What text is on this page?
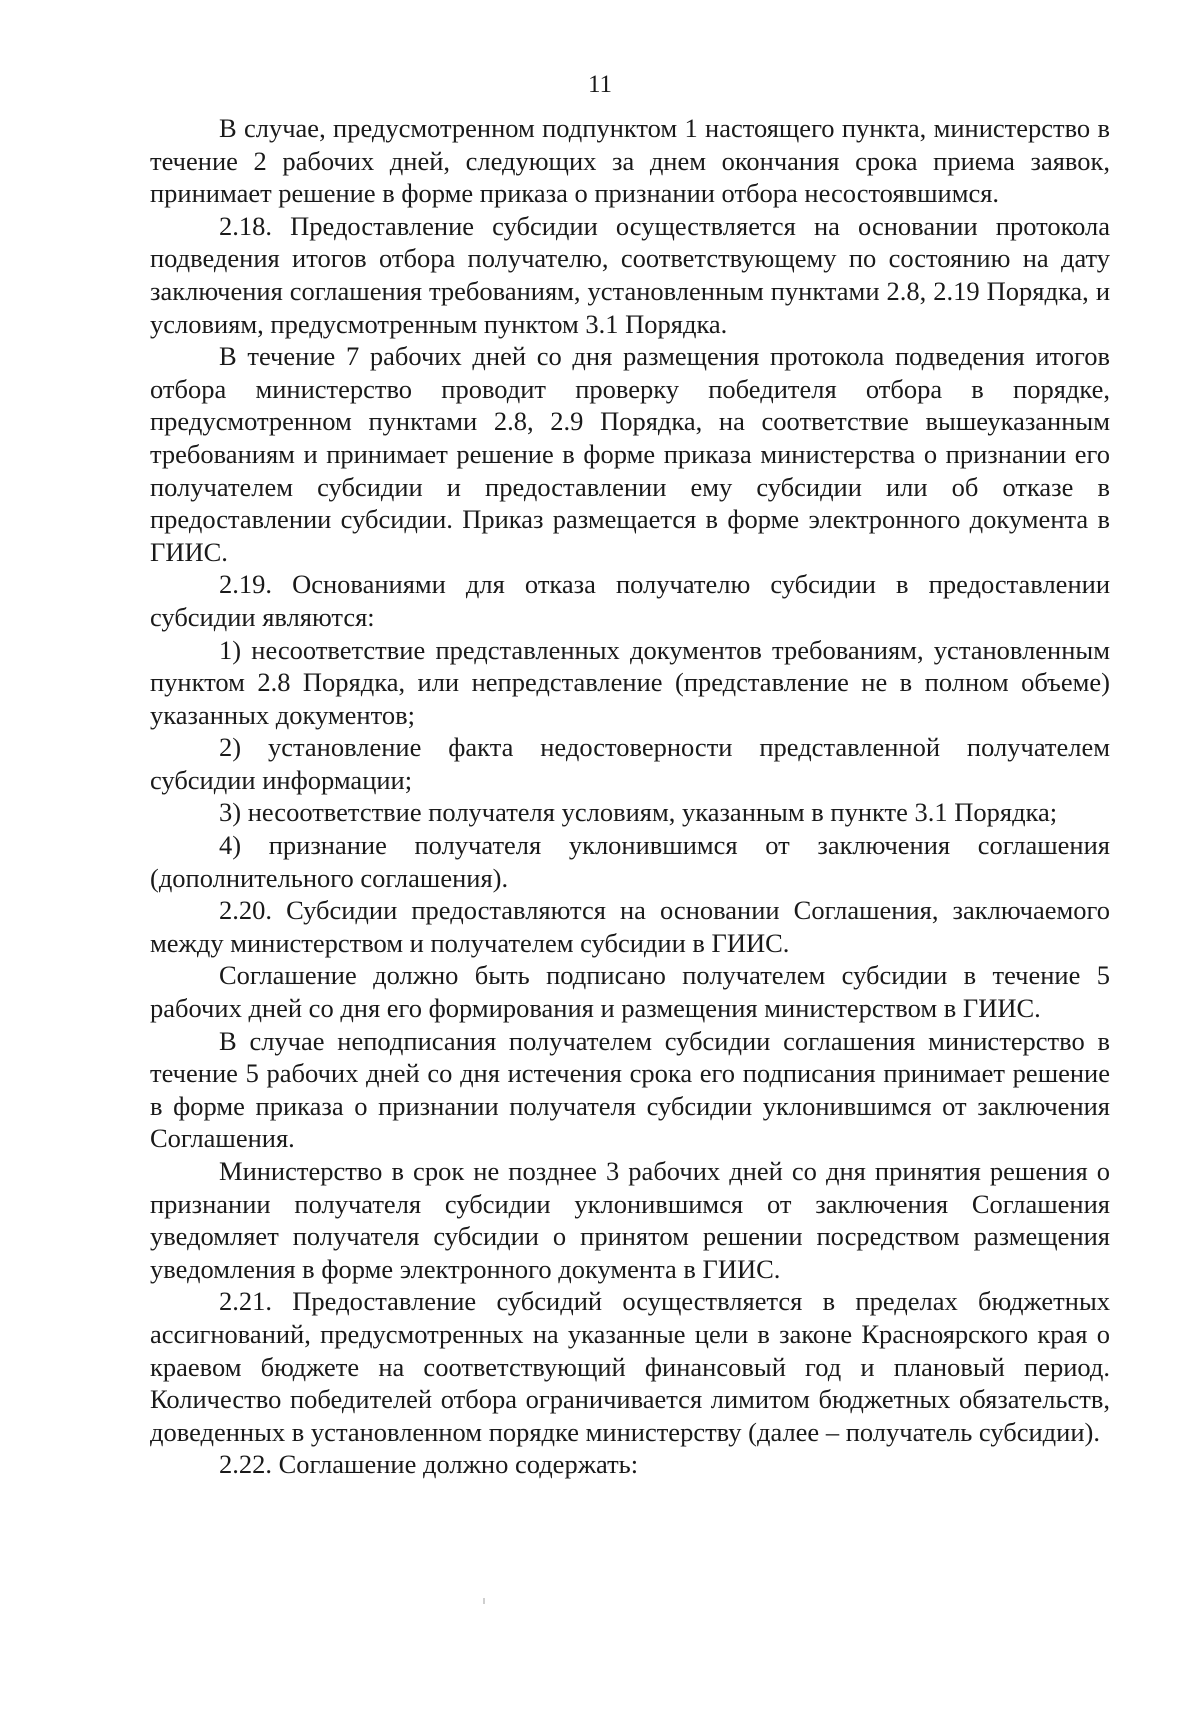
11

В случае, предусмотренном подпунктом 1 настоящего пункта, министерство в течение 2 рабочих дней, следующих за днем окончания срока приема заявок, принимает решение в форме приказа о признании отбора несостоявшимся.

2.18. Предоставление субсидии осуществляется на основании протокола подведения итогов отбора получателю, соответствующему по состоянию на дату заключения соглашения требованиям, установленным пунктами 2.8, 2.19 Порядка, и условиям, предусмотренным пунктом 3.1 Порядка.

В течение 7 рабочих дней со дня размещения протокола подведения итогов отбора министерство проводит проверку победителя отбора в порядке, предусмотренном пунктами 2.8, 2.9 Порядка, на соответствие вышеуказанным требованиям и принимает решение в форме приказа министерства о признании его получателем субсидии и предоставлении ему субсидии или об отказе в предоставлении субсидии. Приказ размещается в форме электронного документа в ГИИС.

2.19. Основаниями для отказа получателю субсидии в предоставлении субсидии являются:

1) несоответствие представленных документов требованиям, установленным пунктом 2.8 Порядка, или непредставление (представление не в полном объеме) указанных документов;

2) установление факта недостоверности представленной получателем субсидии информации;

3) несоответствие получателя условиям, указанным в пункте 3.1 Порядка;

4) признание получателя уклонившимся от заключения соглашения (дополнительного соглашения).

2.20. Субсидии предоставляются на основании Соглашения, заключаемого между министерством и получателем субсидии в ГИИС.

Соглашение должно быть подписано получателем субсидии в течение 5 рабочих дней со дня его формирования и размещения министерством в ГИИС.

В случае неподписания получателем субсидии соглашения министерство в течение 5 рабочих дней со дня истечения срока его подписания принимает решение в форме приказа о признании получателя субсидии уклонившимся от заключения Соглашения.

Министерство в срок не позднее 3 рабочих дней со дня принятия решения о признании получателя субсидии уклонившимся от заключения Соглашения уведомляет получателя субсидии о принятом решении посредством размещения уведомления в форме электронного документа в ГИИС.

2.21. Предоставление субсидий осуществляется в пределах бюджетных ассигнований, предусмотренных на указанные цели в законе Красноярского края о краевом бюджете на соответствующий финансовый год и плановый период. Количество победителей отбора ограничивается лимитом бюджетных обязательств, доведенных в установленном порядке министерству (далее – получатель субсидии).

2.22. Соглашение должно содержать:
